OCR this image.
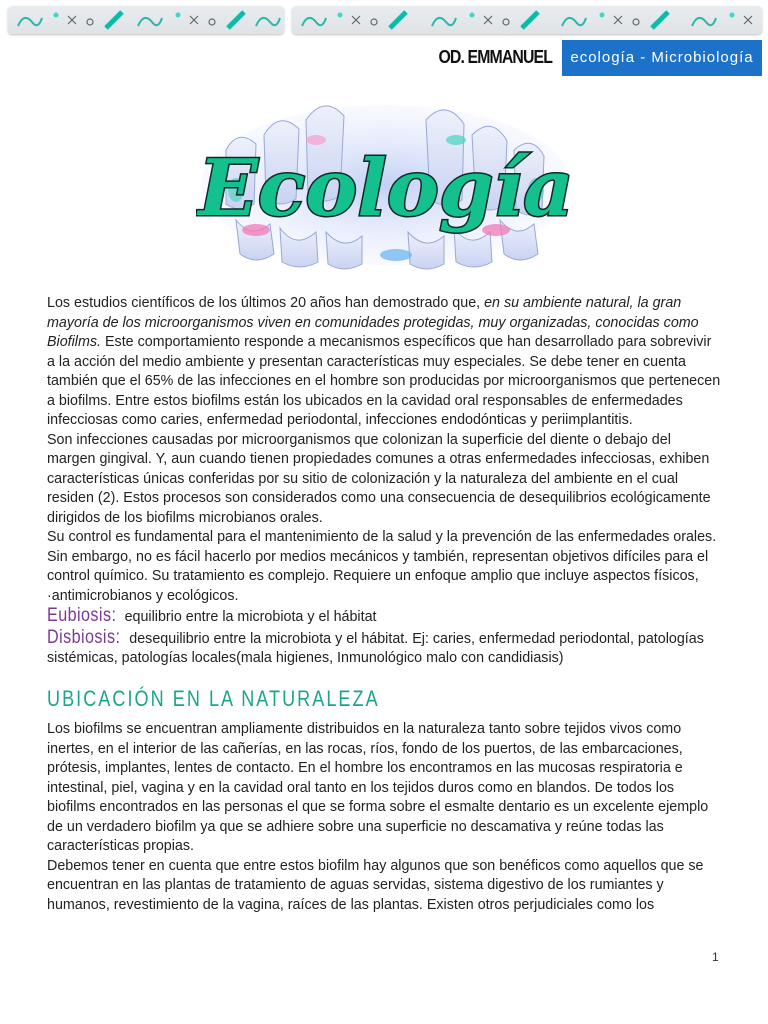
OD. EMMANUEL	ecología - Microbiología
Ecología

Los estudios científicos de los últimos 20 años han demostrado que, en su ambiente natural, la gran mayoría de los microorganismos viven en comunidades protegidas, muy organizadas, conocidas como Biofilms. Este comportamiento responde a mecanismos específicos que han desarrollado para sobrevivir a la acción del medio ambiente y presentan características muy especiales. Se debe tener en cuenta también que el 65% de las infecciones en el hombre son producidas por microorganismos que pertenecen a biofilms. Entre estos biofilms están los ubicados en la cavidad oral responsables de enfermedades infecciosas como caries, enfermedad periodontal, infecciones endodónticas y periimplantitis.

Son infecciones causadas por microorganismos que colonizan la superficie del diente o debajo del margen gingival. Y, aun cuando tienen propiedades comunes a otras enfermedades infecciosas, exhiben características únicas conferidas por su sitio de colonización y la naturaleza del ambiente en el cual residen (2). Estos procesos son considerados como una consecuencia de desequilibrios ecológicamente dirigidos de los biofilms microbianos orales.

Su control es fundamental para el mantenimiento de la salud y la prevención de las enfermedades orales. Sin embargo, no es fácil hacerlo por medios mecánicos y también, representan objetivos difíciles para el control químico. Su tratamiento es complejo. Requiere un enfoque amplio que incluye aspectos físicos, ·antimicrobianos y ecológicos.

Eubiosis: equilibrio entre la microbiota y el hábitat

Disbiosis: desequilibrio entre la microbiota y el hábitat. Ej: caries, enfermedad periodontal, patologías sistémicas, patologías locales(mala higienes, Inmunológico malo con candidiasis)

UBICACIÓN EN LA NATURALEZA

Los biofilms se encuentran ampliamente distribuidos en la naturaleza tanto sobre tejidos vivos como inertes, en el interior de las cañerías, en las rocas, ríos, fondo de los puertos, de las embarcaciones, prótesis, implantes, lentes de contacto. En el hombre los encontramos en las mucosas respiratoria e intestinal, piel, vagina y en la cavidad oral tanto en los tejidos duros como en blandos. De todos los biofilms encontrados en las personas el que se forma sobre el esmalte dentario es un excelente ejemplo de un verdadero biofilm ya que se adhiere sobre una superficie no descamativa y reúne todas las características propias.

Debemos tener en cuenta que entre estos biofilm hay algunos que son benéficos como aquellos que se encuentran en las plantas de tratamiento de aguas servidas, sistema digestivo de los rumiantes y humanos, revestimiento de la vagina, raíces de las plantas. Existen otros perjudiciales como los

1
